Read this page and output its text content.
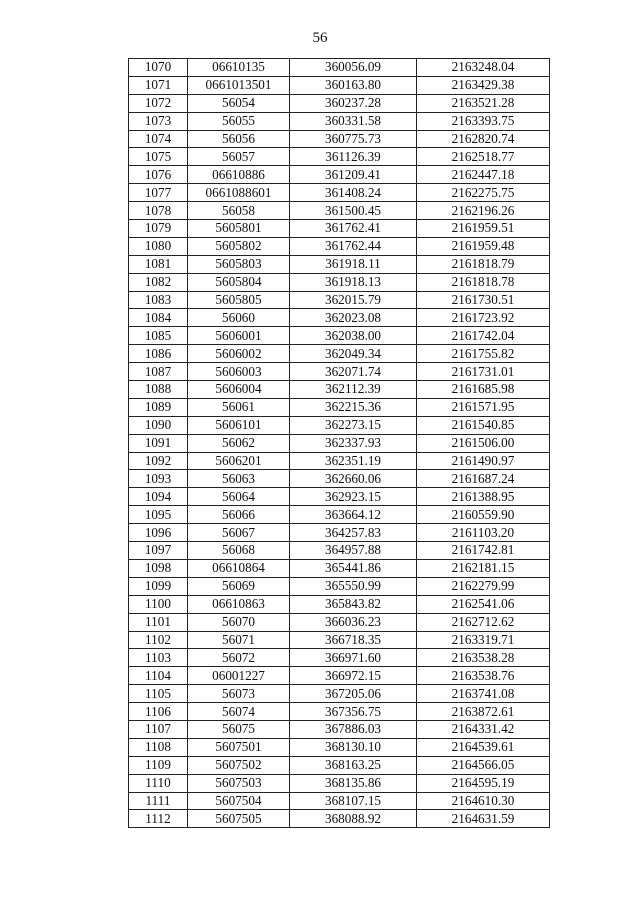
56
1070	06610135	360056.09	2163248.04
1071	0661013501	360163.80	2163429.38
1072	56054	360237.28	2163521.28
1073	56055	360331.58	2163393.75
1074	56056	360775.73	2162820.74
1075	56057	361126.39	2162518.77
1076	06610886	361209.41	2162447.18
1077	0661088601	361408.24	2162275.75
1078	56058	361500.45	2162196.26
1079	5605801	361762.41	2161959.51
1080	5605802	361762.44	2161959.48
1081	5605803	361918.11	2161818.79
1082	5605804	361918.13	2161818.78
1083	5605805	362015.79	2161730.51
1084	56060	362023.08	2161723.92
1085	5606001	362038.00	2161742.04
1086	5606002	362049.34	2161755.82
1087	5606003	362071.74	2161731.01
1088	5606004	362112.39	2161685.98
1089	56061	362215.36	2161571.95
1090	5606101	362273.15	2161540.85
1091	56062	362337.93	2161506.00
1092	5606201	362351.19	2161490.97
1093	56063	362660.06	2161687.24
1094	56064	362923.15	2161388.95
1095	56066	363664.12	2160559.90
1096	56067	364257.83	2161103.20
1097	56068	364957.88	2161742.81
1098	06610864	365441.86	2162181.15
1099	56069	365550.99	2162279.99
1100	06610863	365843.82	2162541.06
1101	56070	366036.23	2162712.62
1102	56071	366718.35	2163319.71
1103	56072	366971.60	2163538.28
1104	06001227	366972.15	2163538.76
1105	56073	367205.06	2163741.08
1106	56074	367356.75	2163872.61
1107	56075	367886.03	2164331.42
1108	5607501	368130.10	2164539.61
1109	5607502	368163.25	2164566.05
1110	5607503	368135.86	2164595.19
1111	5607504	368107.15	2164610.30
1112	5607505	368088.92	2164631.59
